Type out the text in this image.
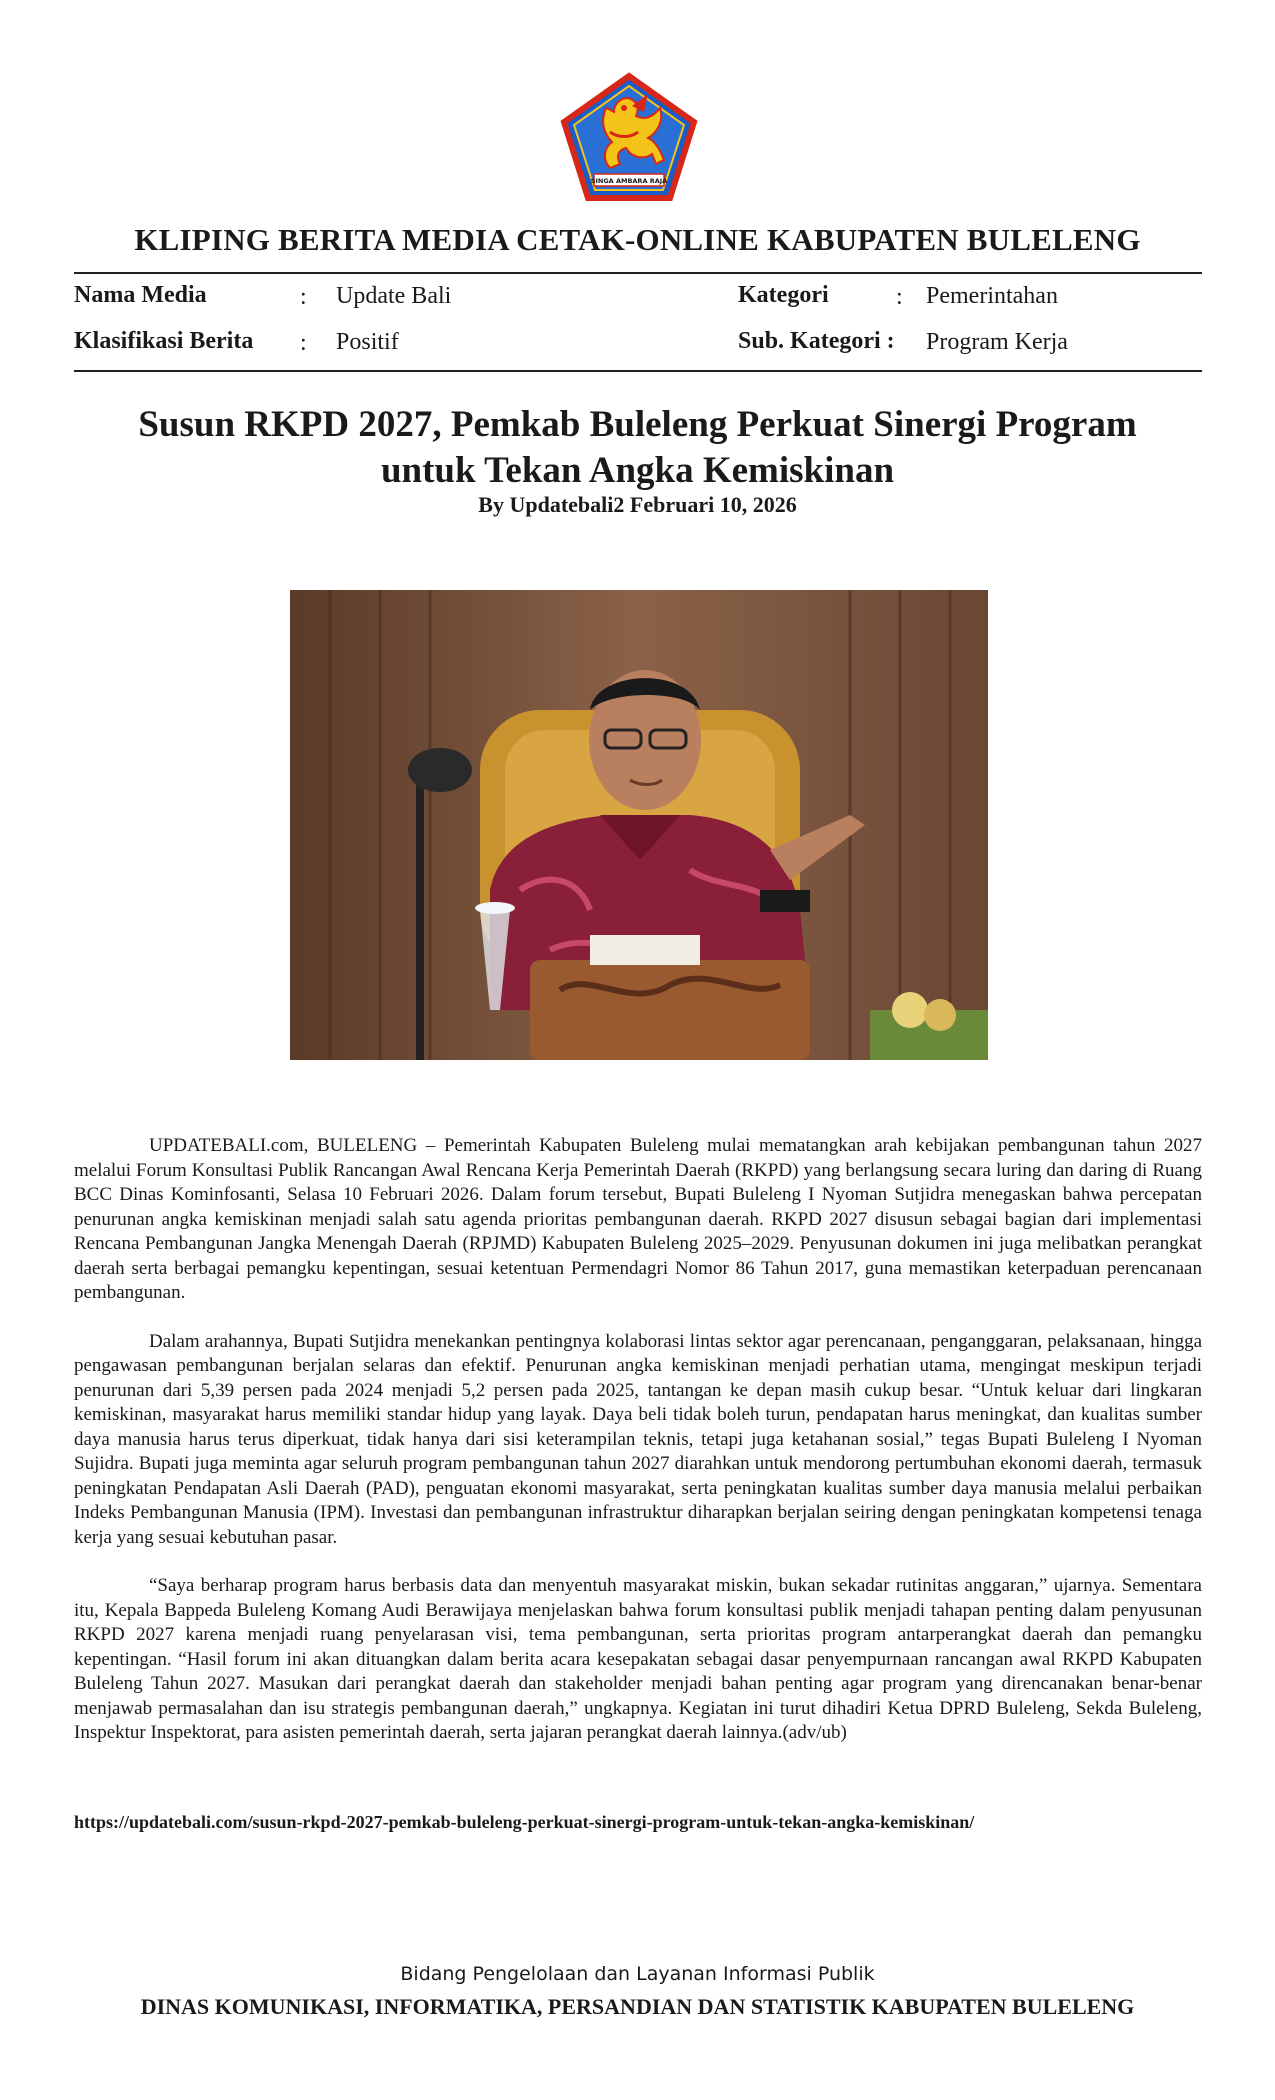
SINGA AMBARA RAJA
KLIPING BERITA MEDIA CETAK-ONLINE KABUPATEN BULELENG
Nama Media	: Update Bali	Kategori	: Pemerintahan
Klasifikasi Berita : Positif	Sub. Kategori : Program Kerja
Susun RKPD 2027, Pemkab Buleleng Perkuat Sinergi Program untuk Tekan Angka Kemiskinan
By Updatebali2 Februari 10, 2026

UPDATEBALI.com, BULELENG – Pemerintah Kabupaten Buleleng mulai mematangkan arah kebijakan pembangunan tahun 2027 melalui Forum Konsultasi Publik Rancangan Awal Rencana Kerja Pemerintah Daerah (RKPD) yang berlangsung secara luring dan daring di Ruang BCC Dinas Kominfosanti, Selasa 10 Februari 2026. Dalam forum tersebut, Bupati Buleleng I Nyoman Sutjidra menegaskan bahwa percepatan penurunan angka kemiskinan menjadi salah satu agenda prioritas pembangunan daerah. RKPD 2027 disusun sebagai bagian dari implementasi Rencana Pembangunan Jangka Menengah Daerah (RPJMD) Kabupaten Buleleng 2025–2029. Penyusunan dokumen ini juga melibatkan perangkat daerah serta berbagai pemangku kepentingan, sesuai ketentuan Permendagri Nomor 86 Tahun 2017, guna memastikan keterpaduan perencanaan pembangunan.

Dalam arahannya, Bupati Sutjidra menekankan pentingnya kolaborasi lintas sektor agar perencanaan, penganggaran, pelaksanaan, hingga pengawasan pembangunan berjalan selaras dan efektif. Penurunan angka kemiskinan menjadi perhatian utama, mengingat meskipun terjadi penurunan dari 5,39 persen pada 2024 menjadi 5,2 persen pada 2025, tantangan ke depan masih cukup besar. “Untuk keluar dari lingkaran kemiskinan, masyarakat harus memiliki standar hidup yang layak. Daya beli tidak boleh turun, pendapatan harus meningkat, dan kualitas sumber daya manusia harus terus diperkuat, tidak hanya dari sisi keterampilan teknis, tetapi juga ketahanan sosial,” tegas Bupati Buleleng I Nyoman Sujidra. Bupati juga meminta agar seluruh program pembangunan tahun 2027 diarahkan untuk mendorong pertumbuhan ekonomi daerah, termasuk peningkatan Pendapatan Asli Daerah (PAD), penguatan ekonomi masyarakat, serta peningkatan kualitas sumber daya manusia melalui perbaikan Indeks Pembangunan Manusia (IPM). Investasi dan pembangunan infrastruktur diharapkan berjalan seiring dengan peningkatan kompetensi tenaga kerja yang sesuai kebutuhan pasar.

“Saya berharap program harus berbasis data dan menyentuh masyarakat miskin, bukan sekadar rutinitas anggaran,” ujarnya. Sementara itu, Kepala Bappeda Buleleng Komang Audi Berawijaya menjelaskan bahwa forum konsultasi publik menjadi tahapan penting dalam penyusunan RKPD 2027 karena menjadi ruang penyelarasan visi, tema pembangunan, serta prioritas program antarperangkat daerah dan pemangku kepentingan. “Hasil forum ini akan dituangkan dalam berita acara kesepakatan sebagai dasar penyempurnaan rancangan awal RKPD Kabupaten Buleleng Tahun 2027. Masukan dari perangkat daerah dan stakeholder menjadi bahan penting agar program yang direncanakan benar-benar menjawab permasalahan dan isu strategis pembangunan daerah,” ungkapnya. Kegiatan ini turut dihadiri Ketua DPRD Buleleng, Sekda Buleleng, Inspektur Inspektorat, para asisten pemerintah daerah, serta jajaran perangkat daerah lainnya.(adv/ub)

https://updatebali.com/susun-rkpd-2027-pemkab-buleleng-perkuat-sinergi-program-untuk-tekan-angka-kemiskinan/
Bidang Pengelolaan dan Layanan Informasi Publik
DINAS KOMUNIKASI, INFORMATIKA, PERSANDIAN DAN STATISTIK KABUPATEN BULELENG
